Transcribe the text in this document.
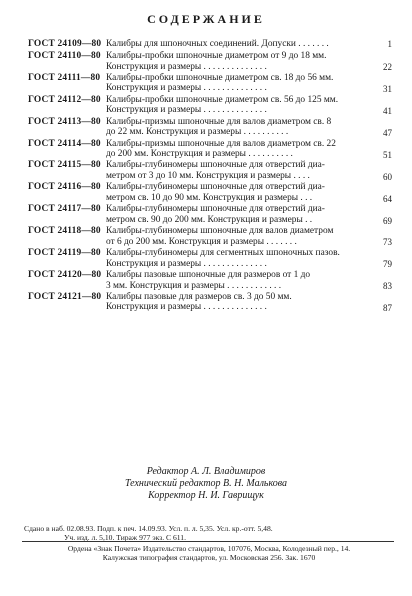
СОДЕРЖАНИЕ
ГОСТ 24109—80 Калибры для шпоночных соединений. Допуски . . . . . . .	1
ГОСТ 24110—80 Калибры-пробки шпоночные диаметром от 9 до 18 мм.
Конструкция и размеры . . . . . . . . . . . . . .	22
ГОСТ 24111—80 Калибры-пробки шпоночные диаметром св. 18 до 56 мм.
Конструкция и размеры . . . . . . . . . . . . . .	31
ГОСТ 24112—80 Калибры-пробки шпоночные диаметром св. 56 до 125 мм.
Конструкция и размеры . . . . . . . . . . . . . .	41
ГОСТ 24113—80 Калибры-призмы шпоночные для валов диаметром св. 8
до 22 мм. Конструкция и размеры . . . . . . . . . .	47
ГОСТ 24114—80 Калибры-призмы шпоночные для валов диаметром св. 22
до 200 мм. Конструкция и размеры . . . . . . . . . .	51
ГОСТ 24115—80 Калибры-глубиномеры шпоночные для отверстий диа-
метром от 3 до 10 мм. Конструкция и размеры . . . .	60
ГОСТ 24116—80 Калибры-глубиномеры шпоночные для отверстий диа-
метром св. 10 до 90 мм. Конструкция и размеры . . .	64
ГОСТ 24117—80 Калибры-глубиномеры шпоночные для отверстий диа-
метром св. 90 до 200 мм. Конструкция и размеры . .	69
ГОСТ 24118—80 Калибры-глубиномеры шпоночные для валов диаметром
от 6 до 200 мм. Конструкция и размеры . . . . . . .	73
ГОСТ 24119—80 Калибры-глубиномеры для сегментных шпоночных пазов.
Конструкция и размеры . . . . . . . . . . . . . .	79
ГОСТ 24120—80 Калибры пазовые шпоночные для размеров от 1 до
3 мм. Конструкция и размеры . . . . . . . . . . . .	83
ГОСТ 24121—80 Калибры пазовые для размеров св. 3 до 50 мм.
Конструкция и размеры . . . . . . . . . . . . . .	87
Редактор А. Л. Владимиров
Технический редактор В. Н. Малькова
Корректор Н. И. Гаврищук
Сдано в наб. 02.08.93. Подп. к печ. 14.09.93. Усл. п. л. 5,35. Усл. кр.-отт. 5,48.
Уч. изд. л. 5,10. Тираж 977 экз. С 611.
Ордена «Знак Почета» Издательство стандартов, 107076, Москва, Колодезный пер., 14.
Калужская типография стандартов, ул. Московская 256. Зак. 1670
